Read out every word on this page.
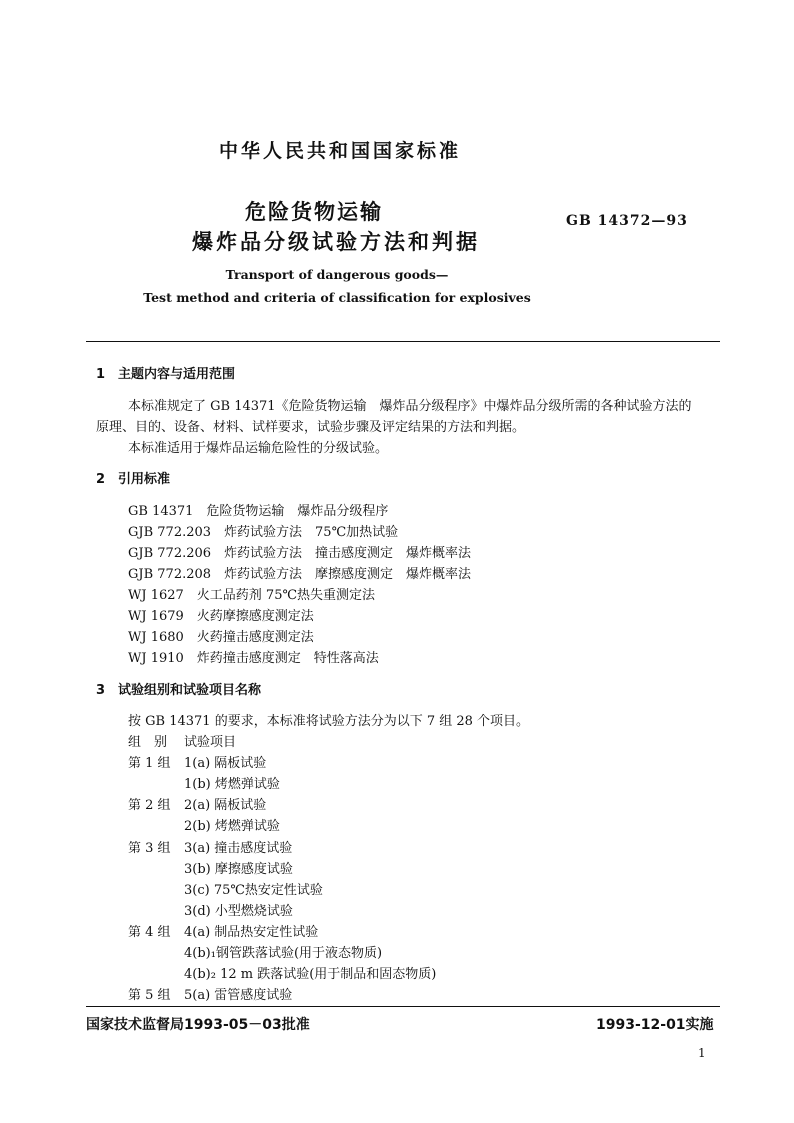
中华人民共和国国家标准
危险货物运输
爆炸品分级试验方法和判据
GB 14372—93
Transport of dangerous goods—
Test method and criteria of classification for explosives
1　主题内容与适用范围
本标准规定了 GB 14371《危险货物运输　爆炸品分级程序》中爆炸品分级所需的各种试验方法的
原理、目的、设备、材料、试样要求，试验步骤及评定结果的方法和判据。
本标准适用于爆炸品运输危险性的分级试验。
2　引用标准
GB 14371　危险货物运输　爆炸品分级程序
GJB 772.203　炸药试验方法　75℃加热试验
GJB 772.206　炸药试验方法　撞击感度测定　爆炸概率法
GJB 772.208　炸药试验方法　摩擦感度测定　爆炸概率法
WJ 1627　火工品药剂 75℃热失重测定法
WJ 1679　火药摩擦感度测定法
WJ 1680　火药撞击感度测定法
WJ 1910　炸药撞击感度测定　特性落高法
3　试验组别和试验项目名称
按 GB 14371 的要求，本标准将试验方法分为以下 7 组 28 个项目。
组　别 试验项目
第 1 组 1(a) 隔板试验
1(b) 烤燃弹试验
第 2 组 2(a) 隔板试验
2(b) 烤燃弹试验
第 3 组 3(a) 撞击感度试验
3(b) 摩擦感度试验
3(c) 75℃热安定性试验
3(d) 小型燃烧试验
第 4 组 4(a) 制品热安定性试验
4(b)₁钢管跌落试验(用于液态物质)
4(b)₂ 12 m 跌落试验(用于制品和固态物质)
第 5 组 5(a) 雷管感度试验
国家技术监督局1993-05－03批准	1993-12-01实施
1
